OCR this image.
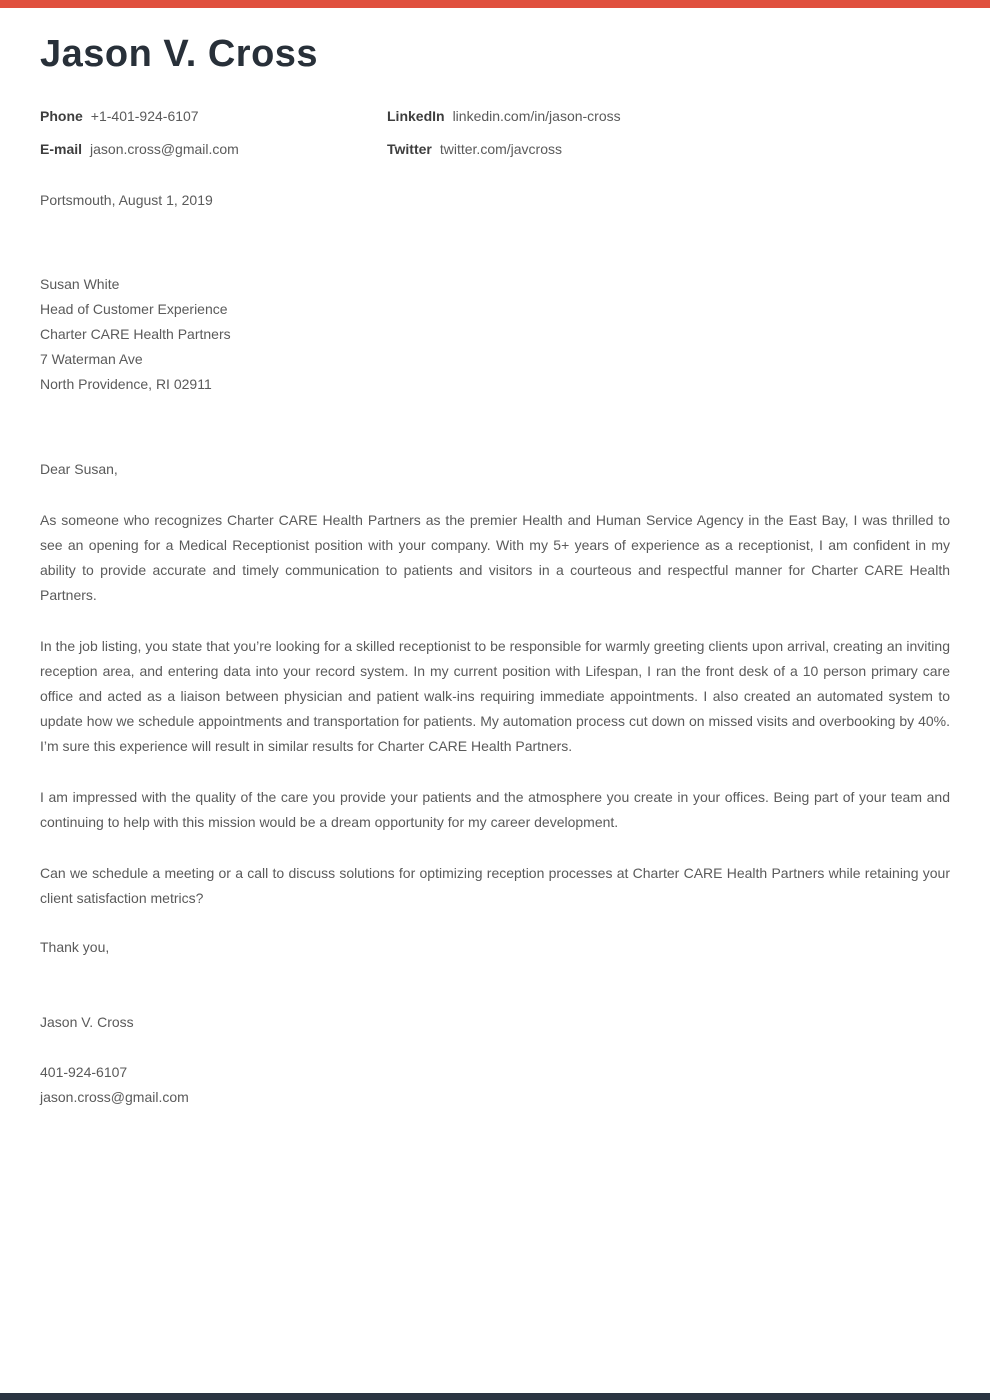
Jason V. Cross
Phone +1-401-924-6107	LinkedIn linkedin.com/in/jason-cross
E-mail jason.cross@gmail.com	Twitter twitter.com/javcross
Portsmouth, August 1, 2019
Susan White
Head of Customer Experience
Charter CARE Health Partners
7 Waterman Ave
North Providence, RI 02911
Dear Susan,

As someone who recognizes Charter CARE Health Partners as the premier Health and Human Service Agency in the East Bay, I was thrilled to see an opening for a Medical Receptionist position with your company. With my 5+ years of experience as a receptionist, I am confident in my ability to provide accurate and timely communication to patients and visitors in a courteous and respectful manner for Charter CARE Health Partners.

In the job listing, you state that you’re looking for a skilled receptionist to be responsible for warmly greeting clients upon arrival, creating an inviting reception area, and entering data into your record system. In my current position with Lifespan, I ran the front desk of a 10 person primary care office and acted as a liaison between physician and patient walk-ins requiring immediate appointments. I also created an automated system to update how we schedule appointments and transportation for patients. My automation process cut down on missed visits and overbooking by 40%. I’m sure this experience will result in similar results for Charter CARE Health Partners.

I am impressed with the quality of the care you provide your patients and the atmosphere you create in your offices. Being part of your team and continuing to help with this mission would be a dream opportunity for my career development.

Can we schedule a meeting or a call to discuss solutions for optimizing reception processes at Charter CARE Health Partners while retaining your client satisfaction metrics?

Thank you,
Jason V. Cross
401-924-6107
jason.cross@gmail.com
